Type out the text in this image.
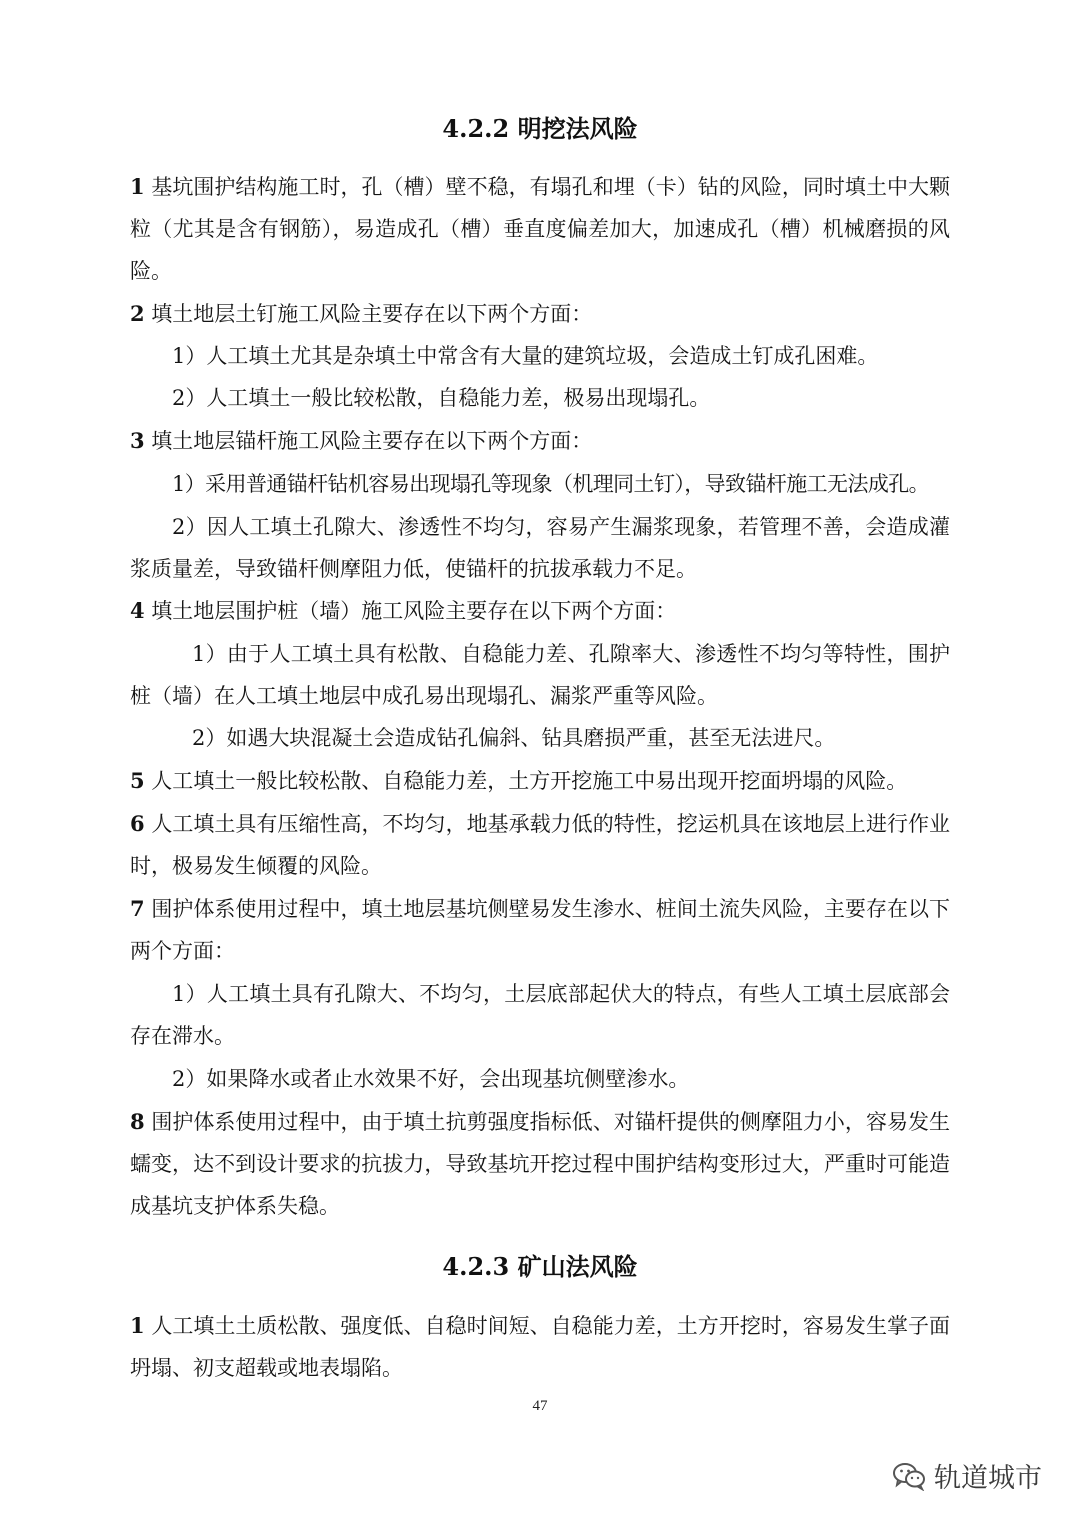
4.2.2 明挖法风险
1 基坑围护结构施工时，孔（槽）壁不稳，有塌孔和埋（卡）钻的风险，同时填土中大颗粒（尤其是含有钢筋），易造成孔（槽）垂直度偏差加大，加速成孔（槽）机械磨损的风险。
2 填土地层土钉施工风险主要存在以下两个方面：
1）人工填土尤其是杂填土中常含有大量的建筑垃圾，会造成土钉成孔困难。
2）人工填土一般比较松散，自稳能力差，极易出现塌孔。
3 填土地层锚杆施工风险主要存在以下两个方面：
1）采用普通锚杆钻机容易出现塌孔等现象（机理同土钉），导致锚杆施工无法成孔。
2）因人工填土孔隙大、渗透性不均匀，容易产生漏浆现象，若管理不善，会造成灌浆质量差，导致锚杆侧摩阻力低，使锚杆的抗拔承载力不足。
4 填土地层围护桩（墙）施工风险主要存在以下两个方面：
1）由于人工填土具有松散、自稳能力差、孔隙率大、渗透性不均匀等特性，围护桩（墙）在人工填土地层中成孔易出现塌孔、漏浆严重等风险。
2）如遇大块混凝土会造成钻孔偏斜、钻具磨损严重，甚至无法进尺。
5 人工填土一般比较松散、自稳能力差，土方开挖施工中易出现开挖面坍塌的风险。
6 人工填土具有压缩性高，不均匀，地基承载力低的特性，挖运机具在该地层上进行作业时，极易发生倾覆的风险。
7 围护体系使用过程中，填土地层基坑侧壁易发生渗水、桩间土流失风险，主要存在以下两个方面：
1）人工填土具有孔隙大、不均匀，土层底部起伏大的特点，有些人工填土层底部会存在滞水。
2）如果降水或者止水效果不好，会出现基坑侧壁渗水。
8 围护体系使用过程中，由于填土抗剪强度指标低、对锚杆提供的侧摩阻力小，容易发生蠕变，达不到设计要求的抗拔力，导致基坑开挖过程中围护结构变形过大，严重时可能造成基坑支护体系失稳。
4.2.3 矿山法风险
1 人工填土土质松散、强度低、自稳时间短、自稳能力差，土方开挖时，容易发生掌子面坍塌、初支超载或地表塌陷。
47
轨道城市
